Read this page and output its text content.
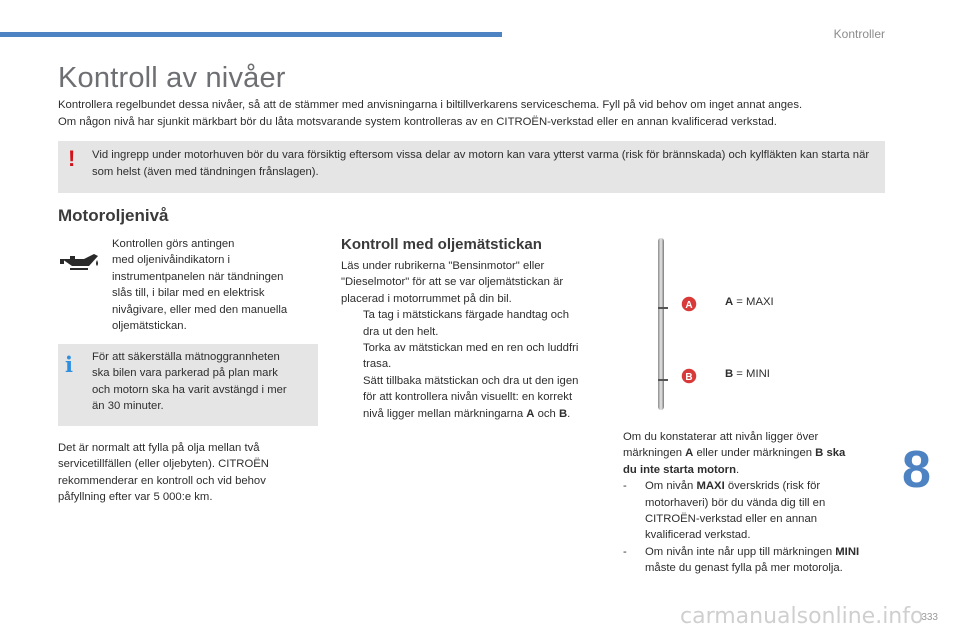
Kontroller
Kontroll av nivåer
Kontrollera regelbundet dessa nivåer, så att de stämmer med anvisningarna i biltillverkarens serviceschema. Fyll på vid behov om inget annat anges.
Om någon nivå har sjunkit märkbart bör du låta motsvarande system kontrolleras av en CITROËN-verkstad eller en annan kvalificerad verkstad.
! Vid ingrepp under motorhuven bör du vara försiktig eftersom vissa delar av motorn kan vara ytterst varma (risk för brännskada) och kylfläkten kan starta när som helst (även med tändningen frånslagen).
Motoroljenivå
Kontrollen görs antingen
med oljenivåindikatorn i
instrumentpanelen när tändningen
slås till, i bilar med en elektrisk
nivågivare, eller med den manuella
oljemätstickan.
i För att säkerställa mätnoggrannheten
ska bilen vara parkerad på plan mark
och motorn ska ha varit avstängd i mer
än 30 minuter.
Det är normalt att fylla på olja mellan två
servicetillfällen (eller oljebyten). CITROËN
rekommenderar en kontroll och vid behov
påfyllning efter var 5 000:e km.
Kontroll med oljemätstickan
Läs under rubrikerna "Bensinmotor" eller
"Dieselmotor" för att se var oljemätstickan är
placerad i motorrummet på din bil.
Ta tag i mätstickans färgade handtag och
dra ut den helt.
Torka av mätstickan med en ren och luddfri
trasa.
Sätt tillbaka mätstickan och dra ut den igen
för att kontrollera nivån visuellt: en korrekt
nivå ligger mellan märkningarna A och B.
A
B
A = MAXI
B = MINI
Om du konstaterar att nivån ligger över
märkningen A eller under märkningen B ska
du inte starta motorn.
- Om nivån MAXI överskrids (risk för
motorhaveri) bör du vända dig till en
CITROËN-verkstad eller en annan
kvalificerad verkstad.
- Om nivån inte når upp till märkningen MINI
måste du genast fylla på mer motorolja.
8
carmanualsonline.info
333
